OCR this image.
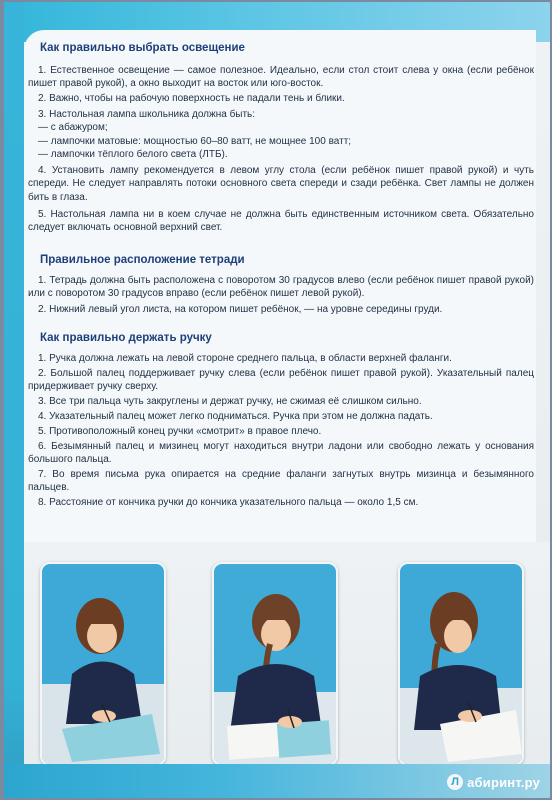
Как правильно выбрать освещение

1. Естественное освещение — самое полезное. Идеально, если стол стоит слева у окна (если ребёнок пишет правой рукой), а окно выходит на восток или юго-восток.

2. Важно, чтобы на рабочую поверхность не падали тень и блики.

3. Настольная лампа школьника должна быть:
— с абажуром;
— лампочки матовые: мощностью 60–80 ватт, не мощнее 100 ватт;
— лампочки тёплого белого света (ЛТБ).

4. Установить лампу рекомендуется в левом углу стола (если ребёнок пишет правой рукой) и чуть спереди. Не следует направлять потоки основного света спереди и сзади ребёнка. Свет лампы не должен бить в глаза.

5. Настольная лампа ни в коем случае не должна быть единственным источником света. Обязательно следует включать основной верхний свет.

Правильное расположение тетради

1. Тетрадь должна быть расположена с поворотом 30 градусов влево (если ребёнок пишет правой рукой) или с поворотом 30 градусов вправо (если ребёнок пишет левой рукой).

2. Нижний левый угол листа, на котором пишет ребёнок, — на уровне середины груди.

Как правильно держать ручку

1. Ручка должна лежать на левой стороне среднего пальца, в области верхней фаланги.

2. Большой палец поддерживает ручку слева (если ребёнок пишет правой рукой). Указательный палец придерживает ручку сверху.

3. Все три пальца чуть закруглены и держат ручку, не сжимая её слишком сильно.

4. Указательный палец может легко подниматься. Ручка при этом не должна падать.

5. Противоположный конец ручки «смотрит» в правое плечо.

6. Безымянный палец и мизинец могут находиться внутри ладони или свободно лежать у основания большого пальца.

7. Во время письма рука опирается на средние фаланги загнутых внутрь мизинца и безымянного пальцев.

8. Расстояние от кончика ручки до кончика указательного пальца — около 1,5 см.

Л абиринт.ру
